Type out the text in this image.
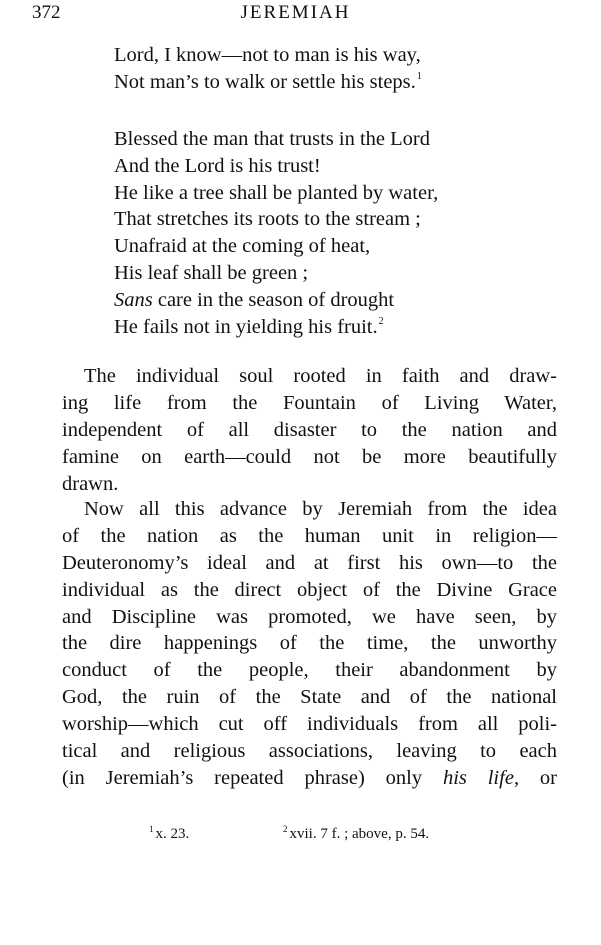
372	JEREMIAH
Lord, I know—not to man is his way,
Not man’s to walk or settle his steps.$^1$
Blessed the man that trusts in the Lord
And the Lord is his trust!
He like a tree shall be planted by water,
That stretches its roots to the stream ;
Unafraid at the coming of heat,
His leaf shall be green ;
Sans care in the season of drought
He fails not in yielding his fruit.$^2$
The individual soul rooted in faith and draw-
ing life from the Fountain of Living Water,
independent of all disaster to the nation and
famine on earth—could not be more beautifully
drawn.
Now all this advance by Jeremiah from the idea
of the nation as the human unit in religion—
Deuteronomy’s ideal and at first his own—to the
individual as the direct object of the Divine Grace
and Discipline was promoted, we have seen, by
the dire happenings of the time, the unworthy
conduct of the people, their abandonment by
God, the ruin of the State and of the national
worship—which cut off individuals from all poli-
tical and religious associations, leaving to each
(in Jeremiah’s repeated phrase) only his life, or
$^1$ x. 23.	$^2$ xvii. 7 f. ; above, p. 54.
